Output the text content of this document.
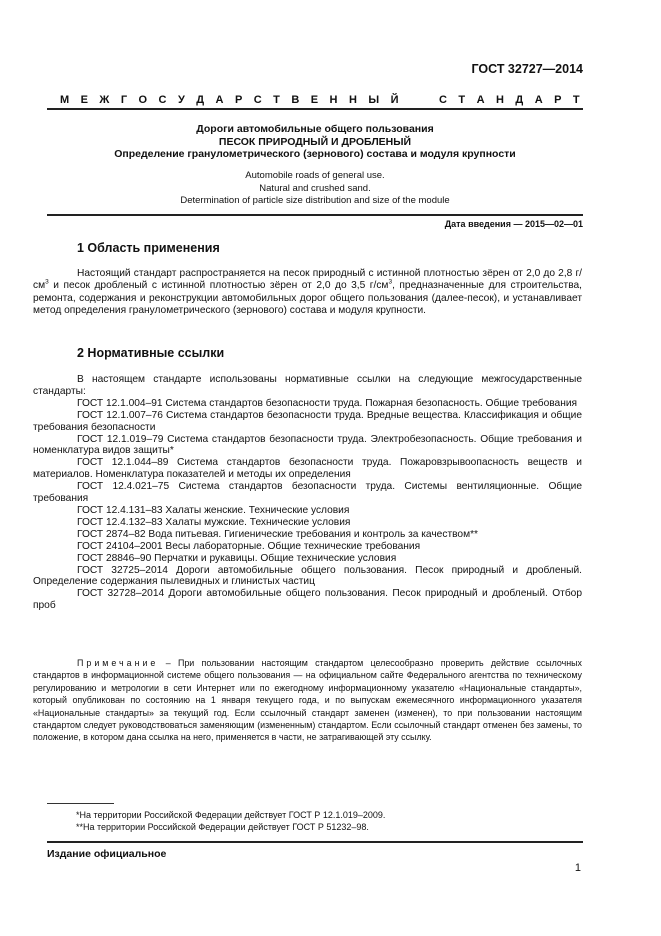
ГОСТ 32727—2014
М Е Ж Г О С У Д А Р С Т В Е Н Н Ы Й

	С Т А Н Д А Р Т
Дороги автомобильные общего пользования
ПЕСОК ПРИРОДНЫЙ И ДРОБЛЕНЫЙ
Определение гранулометрического (зернового) состава и модуля крупности
Automobile roads of general use.
Natural and crushed sand.
Determination of particle size distribution and size of the module
Дата введения — 2015—02—01
1 Область применения

Настоящий стандарт распространяется на песок природный с истинной плотностью зёрен от 2,0 до 2,8 $г/см^3$ и песок дробленый с истинной плотностью зёрен от 2,0 до 3,5 $г/см^3$, предназначенные для строительства, ремонта, содержания и реконструкции автомобильных дорог общего пользования (далее-песок), и устанавливает метод определения гранулометрического (зернового) состава и модуля крупности.

2 Нормативные ссылки

В настоящем стандарте использованы нормативные ссылки на следующие межгосударственные стандарты:

ГОСТ 12.1.004–91 Система стандартов безопасности труда. Пожарная безопасность. Общие требования

ГОСТ 12.1.007–76 Система стандартов безопасности труда. Вредные вещества. Классификация и общие требования безопасности

ГОСТ 12.1.019–79 Система стандартов безопасности труда. Электробезопасность. Общие требования и номенклатура видов защиты*

ГОСТ 12.1.044–89 Система стандартов безопасности труда. Пожаровзрывоопасность веществ и материалов. Номенклатура показателей и методы их определения

ГОСТ 12.4.021–75 Система стандартов безопасности труда. Системы вентиляционные. Общие требования

ГОСТ 12.4.131–83 Халаты женские. Технические условия

ГОСТ 12.4.132–83 Халаты мужские. Технические условия

ГОСТ 2874–82 Вода питьевая. Гигиенические требования и контроль за качеством**

ГОСТ 24104–2001 Весы лабораторные. Общие технические требования

ГОСТ 28846–90 Перчатки и рукавицы. Общие технические условия

ГОСТ 32725–2014 Дороги автомобильные общего пользования. Песок природный и дробленый. Определение содержания пылевидных и глинистых частиц

ГОСТ 32728–2014 Дороги автомобильные общего пользования. Песок природный и дробленый. Отбор проб

Примечание – При пользовании настоящим стандартом целесообразно проверить действие ссылочных стандартов в информационной системе общего пользования — на официальном сайте Федерального агентства по техническому регулированию и метрологии в сети Интернет или по ежегодному информационному указателю «Национальные стандарты», который опубликован по состоянию на 1 января текущего года, и по выпускам ежемесячного информационного указателя «Национальные стандарты» за текущий год. Если ссылочный стандарт заменен (изменен), то при пользовании настоящим стандартом следует руководствоваться заменяющим (измененным) стандартом. Если ссылочный стандарт отменен без замены, то положение, в котором дана ссылка на него, применяется в части, не затрагивающей эту ссылку.

*На территории Российской Федерации действует ГОСТ Р 12.1.019–2009.
**На территории Российской Федерации действует ГОСТ Р 51232–98.
Издание официальное
1
